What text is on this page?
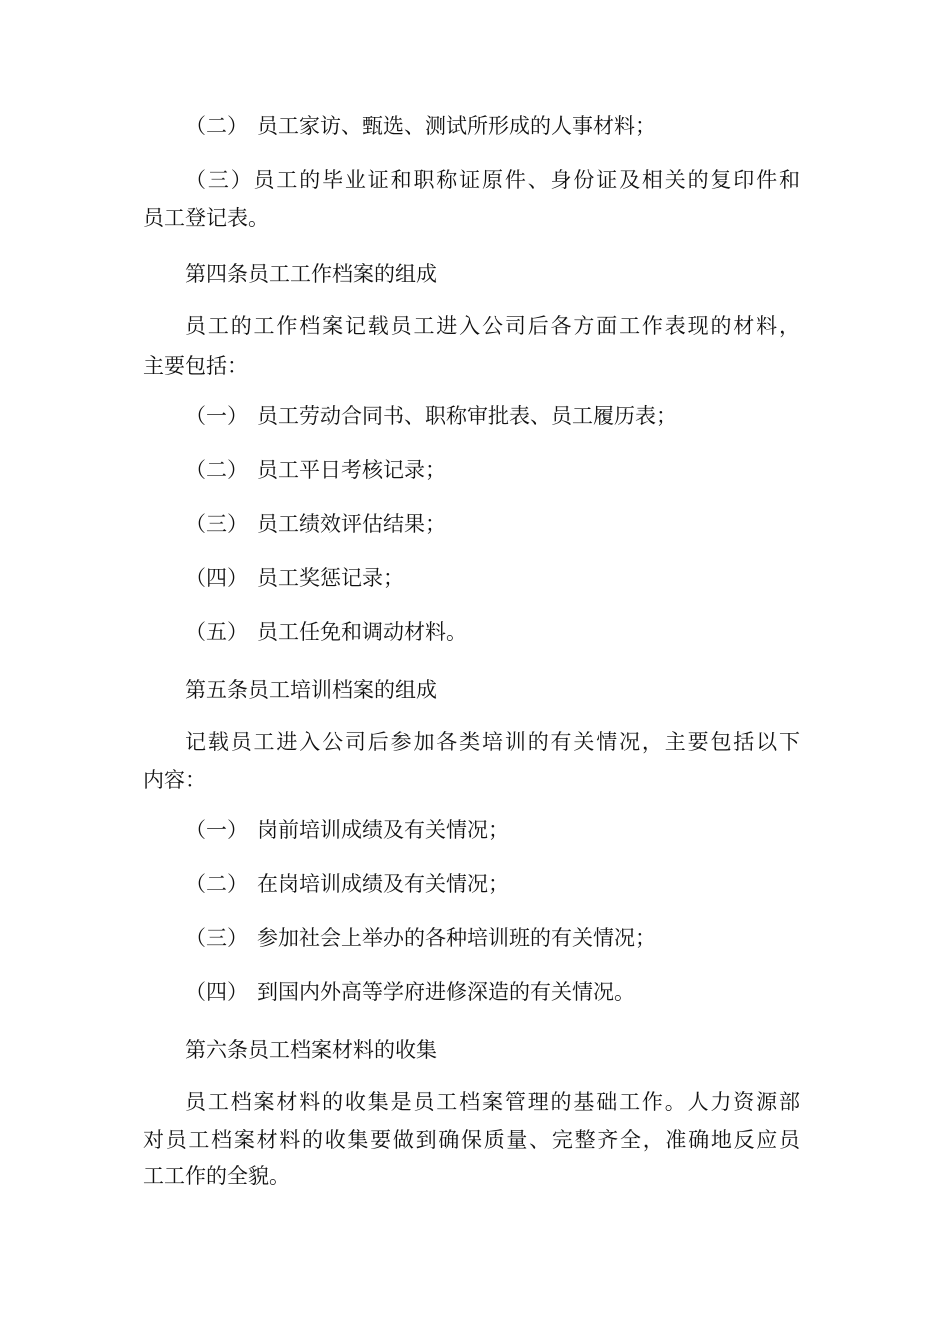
（二） 员工家访、甄选、测试所形成的人事材料；

（三）员工的毕业证和职称证原件、身份证及相关的复印件和

员工登记表。

第四条员工工作档案的组成

员工的工作档案记载员工进入公司后各方面工作表现的材料，

主要包括：

（一） 员工劳动合同书、职称审批表、员工履历表；

（二） 员工平日考核记录；

（三） 员工绩效评估结果；

（四） 员工奖惩记录；

（五） 员工任免和调动材料。

第五条员工培训档案的组成

记载员工进入公司后参加各类培训的有关情况，主要包括以下

内容：

（一） 岗前培训成绩及有关情况；

（二） 在岗培训成绩及有关情况；

（三） 参加社会上举办的各种培训班的有关情况；

（四） 到国内外高等学府进修深造的有关情况。

第六条员工档案材料的收集

员工档案材料的收集是员工档案管理的基础工作。人力资源部

对员工档案材料的收集要做到确保质量、完整齐全，准确地反应员

工工作的全貌。
